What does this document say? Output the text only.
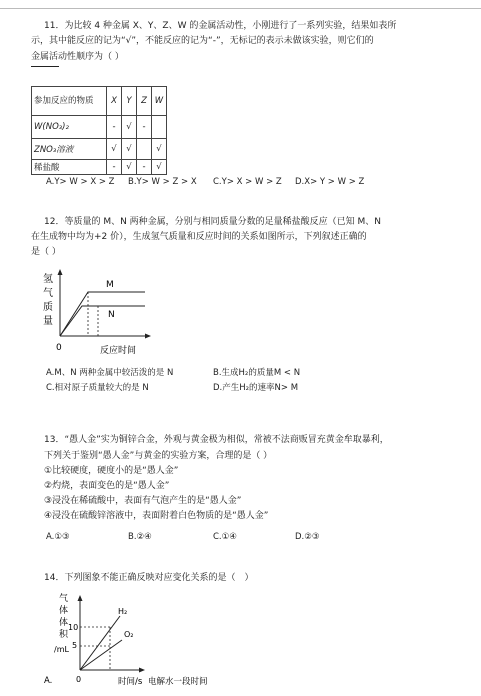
11．为比较 4 种金属 X、Y、Z、W 的金属活动性，小刚进行了一系列实验，结果如表所
示，其中能反应的记为“√”，不能反应的记为“-”，无标记的表示未做该实验，则它们的
金属活动性顺序为（ ）
参加反应的物质	X	Y	Z	W
W(NO₃)₂	-	√	-	
ZNO₃溶液	√	√		√
稀盐酸	-	√	-	√
A.Y> W > X > Z B.Y> W > Z > X C.Y> X > W > Z D.X> Y > W > Z
12．等质量的 M、N 两种金属，分别与相同质量分数的足量稀盐酸反应（已知 M、N
在生成物中均为+2 价），生成氢气质量和反应时间的关系如图所示，下列叙述正确的
是（ ）
氢
气
质
量
0	反应时间
M
N
A.M、N 两种金属中较活泼的是 N	B.生成H₂的质量M < N
C.相对原子质量较大的是 N	D.产生H₂的速率N> M
13．“愚人金”实为铜锌合金，外观与黄金极为相似，常被不法商贩冒充黄金牟取暴利，
下列关于鉴别“愚人金”与黄金的实验方案，合理的是（ ）
①比较硬度，硬度小的是“愚人金”
②灼烧，表面变色的是“愚人金”
③浸没在稀硫酸中，表面有气泡产生的是“愚人金”
④浸没在硫酸锌溶液中，表面附着白色物质的是“愚人金”
A.①③	B.②④	C.①④	D.②③
14．下列图象不能正确反映对应变化关系的是（　）
气
体
体
积
/mL
10
5
H₂
O₂
0
A.	时间/s 电解水一段时间
